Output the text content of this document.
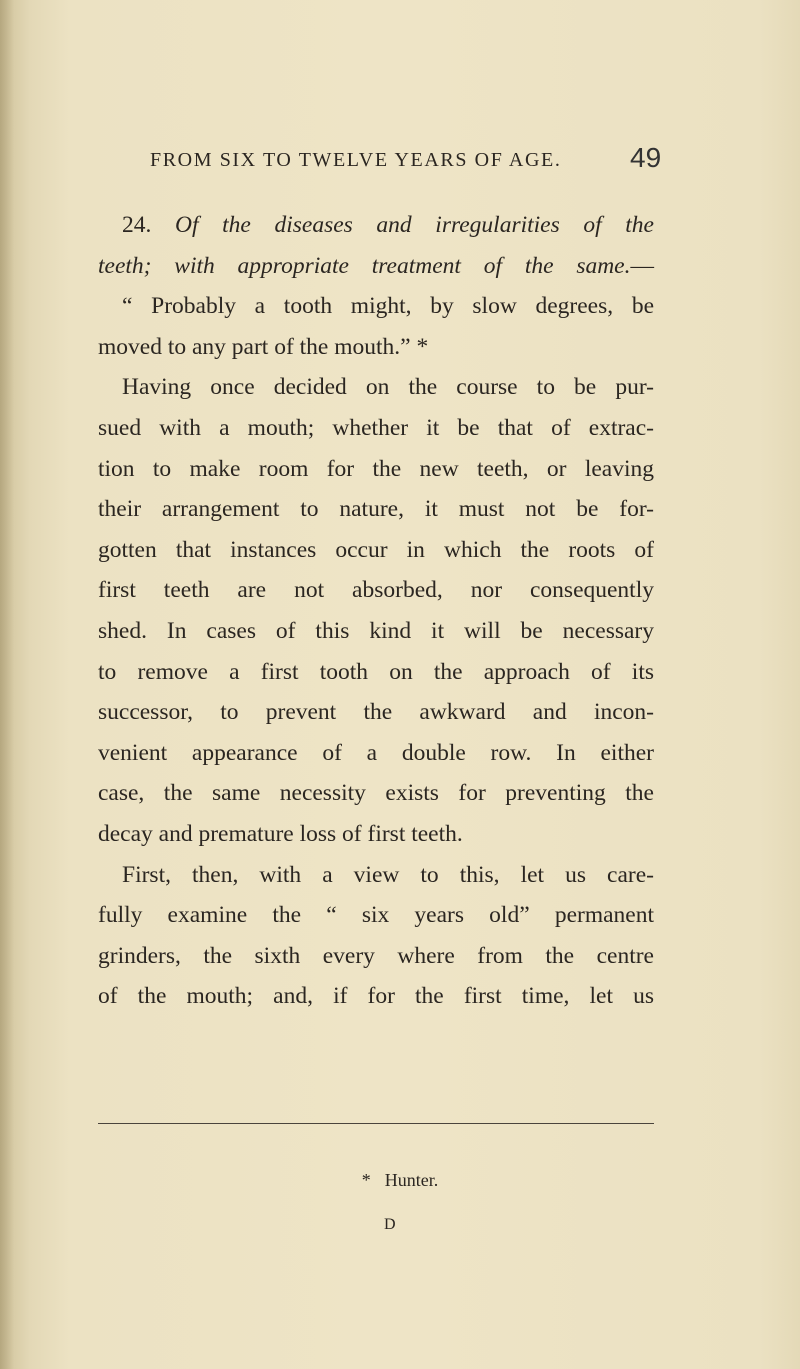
FROM SIX TO TWELVE YEARS OF AGE. 49
24. Of the diseases and irregularities of the
teeth; with appropriate treatment of the same.—
“ Probably a tooth might, by slow degrees, be
moved to any part of the mouth.” *
Having once decided on the course to be pur-
sued with a mouth; whether it be that of extrac-
tion to make room for the new teeth, or leaving
their arrangement to nature, it must not be for-
gotten that instances occur in which the roots of
first teeth are not absorbed, nor consequently
shed. In cases of this kind it will be necessary
to remove a first tooth on the approach of its
successor, to prevent the awkward and incon-
venient appearance of a double row. In either
case, the same necessity exists for preventing the
decay and premature loss of first teeth.
First, then, with a view to this, let us care-
fully examine the “ six years old” permanent
grinders, the sixth every where from the centre
of the mouth; and, if for the first time, let us
* Hunter.
D
